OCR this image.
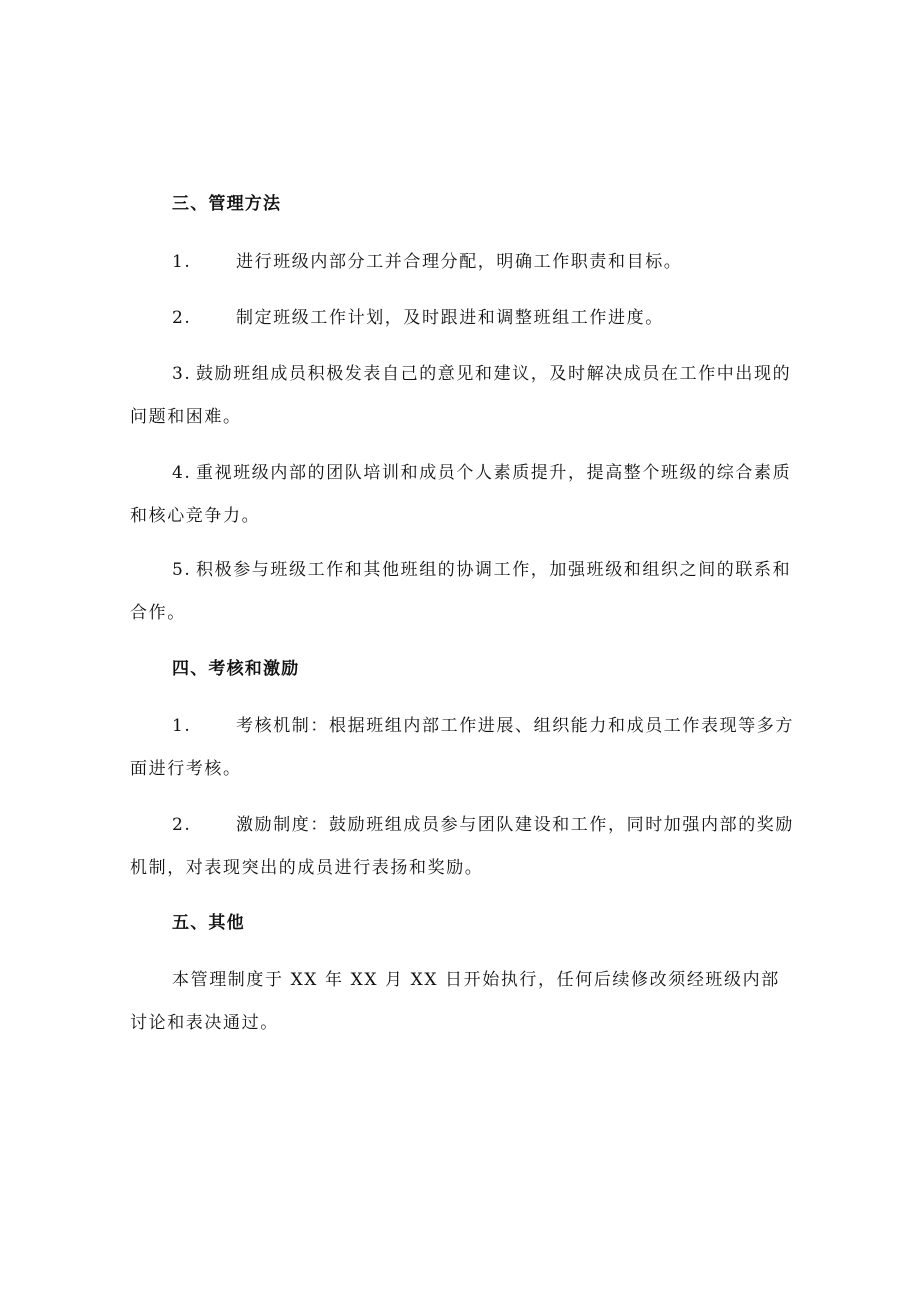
三、管理方法
1.	进行班级内部分工并合理分配，明确工作职责和目标。
2.	制定班级工作计划，及时跟进和调整班组工作进度。
3. 鼓励班组成员积极发表自己的意见和建议，及时解决成员在工作中出现的问题和困难。
4. 重视班级内部的团队培训和成员个人素质提升，提高整个班级的综合素质和核心竞争力。
5. 积极参与班级工作和其他班组的协调工作，加强班级和组织之间的联系和合作。
四、考核和激励
1.	考核机制：根据班组内部工作进展、组织能力和成员工作表现等多方面进行考核。
2.	激励制度：鼓励班组成员参与团队建设和工作，同时加强内部的奖励机制，对表现突出的成员进行表扬和奖励。
五、其他
本管理制度于 XX 年 XX 月 XX 日开始执行，任何后续修改须经班级内部讨论和表决通过。
